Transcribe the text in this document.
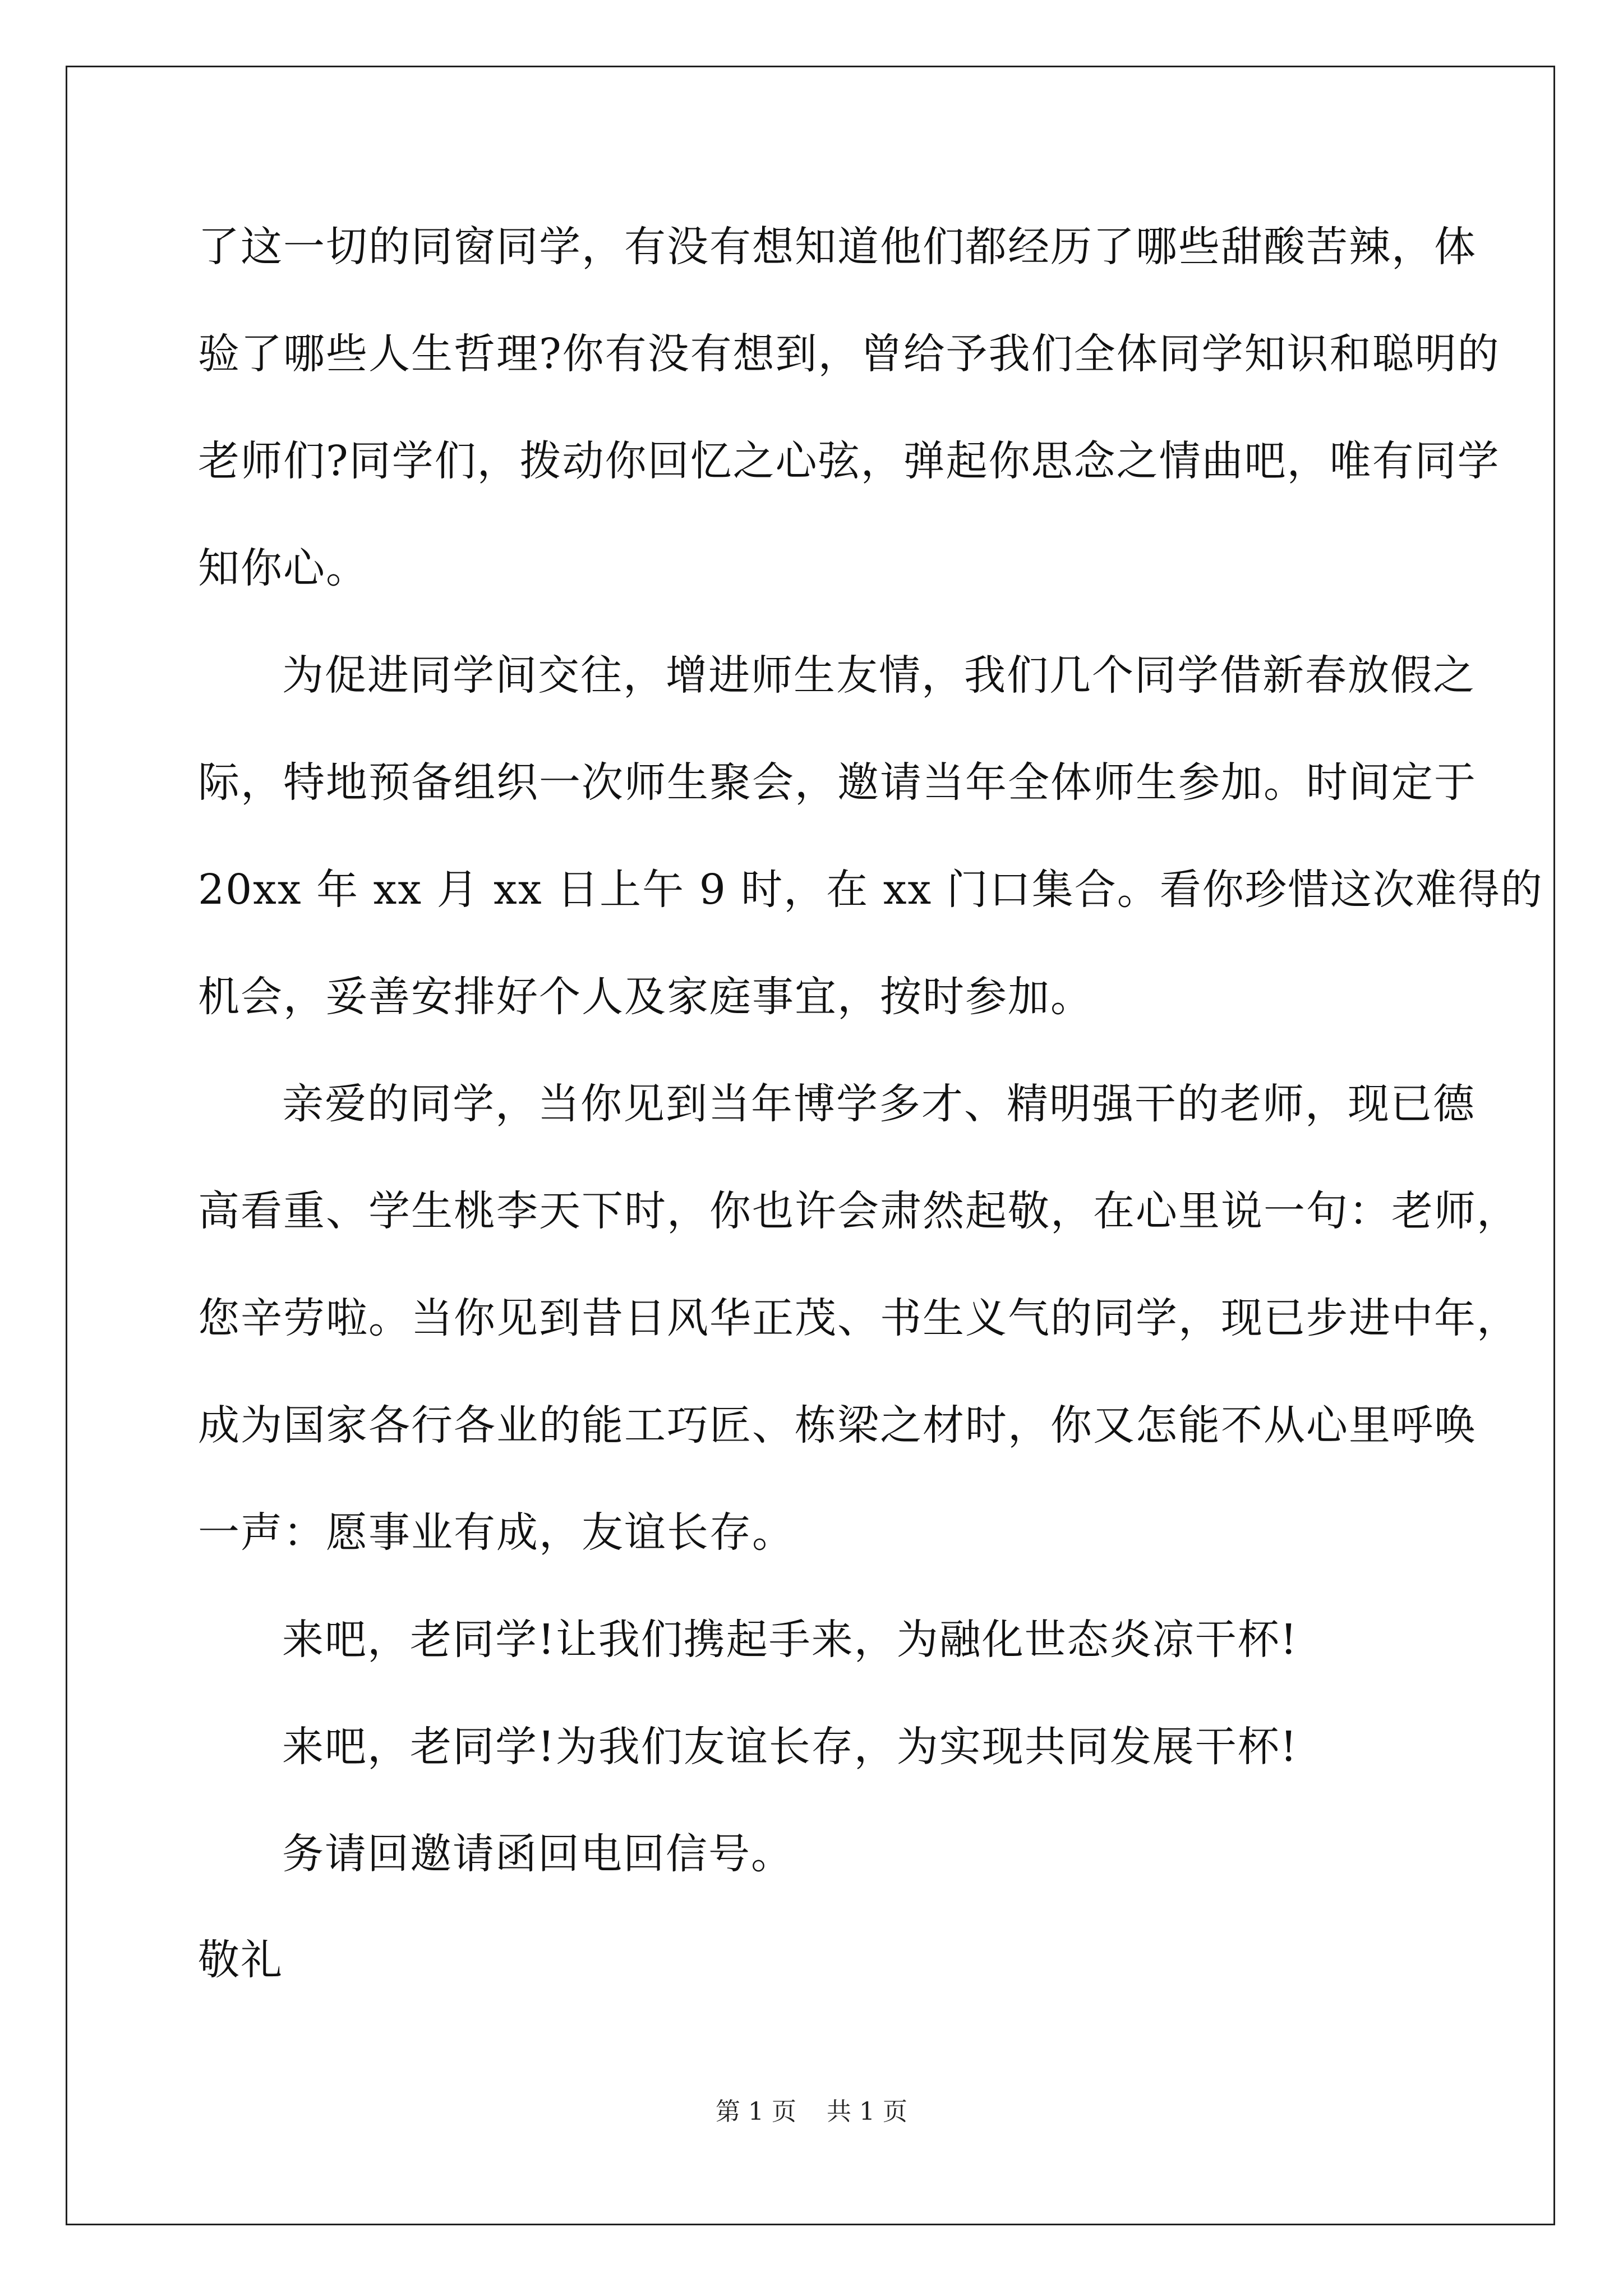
了这一切的同窗同学，有没有想知道他们都经历了哪些甜酸苦辣，体
验了哪些人生哲理?你有没有想到，曾给予我们全体同学知识和聪明的
老师们?同学们，拨动你回忆之心弦，弹起你思念之情曲吧，唯有同学
知你心。
为促进同学间交往，增进师生友情，我们几个同学借新春放假之
际，特地预备组织一次师生聚会，邀请当年全体师生参加。时间定于
20xx 年 xx 月 xx 日上午 9 时，在 xx 门口集合。看你珍惜这次难得的
机会，妥善安排好个人及家庭事宜，按时参加。
亲爱的同学，当你见到当年博学多才、精明强干的老师，现已德
高看重、学生桃李天下时，你也许会肃然起敬，在心里说一句：老师，
您辛劳啦。当你见到昔日风华正茂、书生义气的同学，现已步进中年，
成为国家各行各业的能工巧匠、栋梁之材时，你又怎能不从心里呼唤
一声：愿事业有成，友谊长存。
来吧，老同学!让我们携起手来，为融化世态炎凉干杯!
来吧，老同学!为我们友谊长存，为实现共同发展干杯!
务请回邀请函回电回信号。
敬礼
第 1 页 共 1 页
